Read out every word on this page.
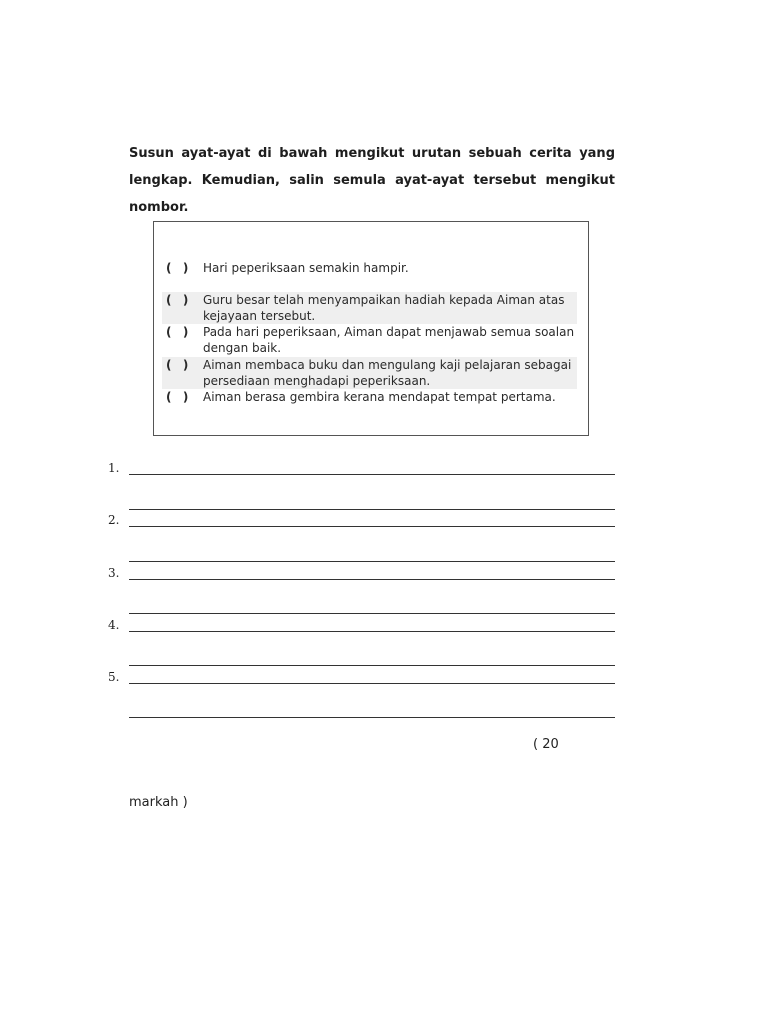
Susun ayat-ayat di bawah mengikut urutan sebuah cerita yang lengkap. Kemudian, salin semula ayat-ayat tersebut mengikut nombor.
(  ) Hari peperiksaan semakin hampir.
(  ) Guru besar telah menyampaikan hadiah kepada Aiman atas kejayaan tersebut.
(  ) Pada hari peperiksaan, Aiman dapat menjawab semua soalan dengan baik.
(  ) Aiman membaca buku dan mengulang kaji pelajaran sebagai persediaan menghadapi peperiksaan.
(  ) Aiman berasa gembira kerana mendapat tempat pertama.
1.
2.
3.
4.
5.
( 20
markah )
